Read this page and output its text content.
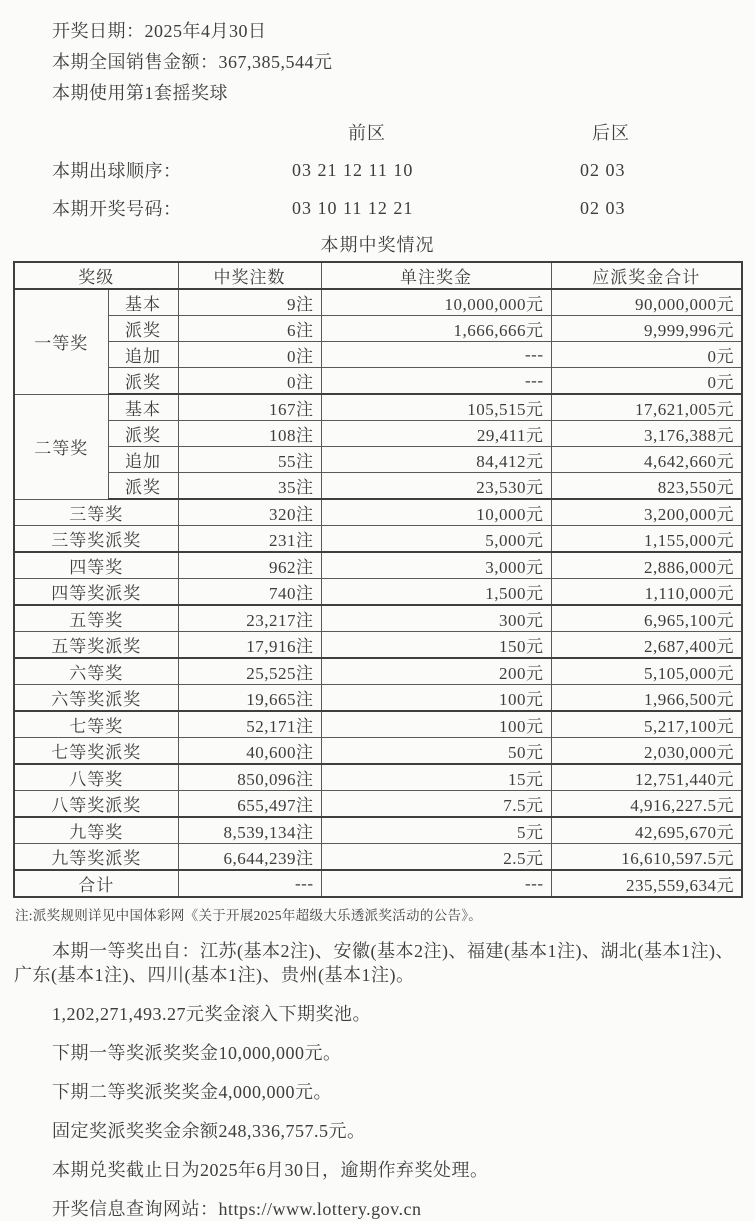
开奖日期：2025年4月30日
本期全国销售金额：367,385,544元
本期使用第1套摇奖球
前区	后区
本期出球顺序：	03 21 12 11 10	02 03
本期开奖号码：	03 10 11 12 21	02 03
本期中奖情况
奖级		中奖注数	单注奖金	应派奖金合计
一等奖	基本	9注	10,000,000元	90,000,000元
	派奖	6注	1,666,666元	9,999,996元
	追加	0注	---	0元
	派奖	0注	---	0元
二等奖	基本	167注	105,515元	17,621,005元
	派奖	108注	29,411元	3,176,388元
	追加	55注	84,412元	4,642,660元
	派奖	35注	23,530元	823,550元
三等奖		320注	10,000元	3,200,000元
三等奖派奖		231注	5,000元	1,155,000元
四等奖		962注	3,000元	2,886,000元
四等奖派奖		740注	1,500元	1,110,000元
五等奖		23,217注	300元	6,965,100元
五等奖派奖		17,916注	150元	2,687,400元
六等奖		25,525注	200元	5,105,000元
六等奖派奖		19,665注	100元	1,966,500元
七等奖		52,171注	100元	5,217,100元
七等奖派奖		40,600注	50元	2,030,000元
八等奖		850,096注	15元	12,751,440元
八等奖派奖		655,497注	7.5元	4,916,227.5元
九等奖		8,539,134注	5元	42,695,670元
九等奖派奖		6,644,239注	2.5元	16,610,597.5元
合计		---	---	235,559,634元
注:派奖规则详见中国体彩网《关于开展2025年超级大乐透派奖活动的公告》。

本期一等奖出自：江苏(基本2注)、安徽(基本2注)、福建(基本1注)、湖北(基本1注)、广东(基本1注)、四川(基本1注)、贵州(基本1注)。

1,202,271,493.27元奖金滚入下期奖池。

下期一等奖派奖奖金10,000,000元。

下期二等奖派奖奖金4,000,000元。

固定奖派奖奖金余额248,336,757.5元。

本期兑奖截止日为2025年6月30日，逾期作弃奖处理。

开奖信息查询网站：https://www.lottery.gov.cn
